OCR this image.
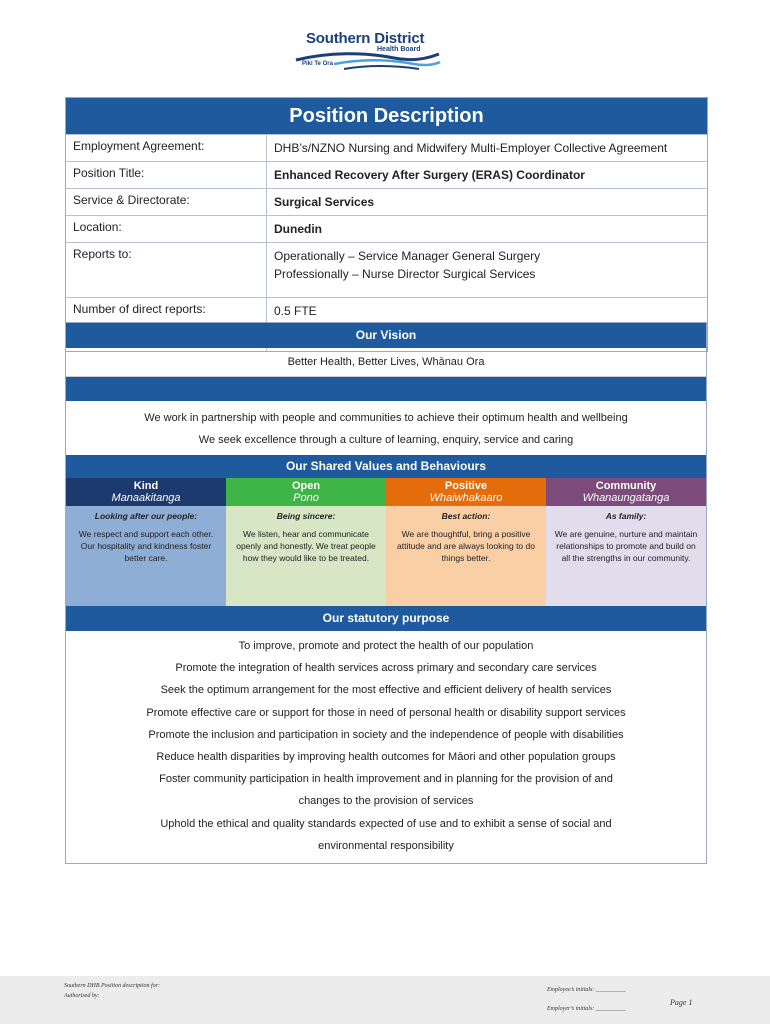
Southern District
Health Board
Piki Te Ora
Position Description
Employment Agreement:	DHB’s/NZNO Nursing and Midwifery Multi-Employer Collective Agreement
Position Title:	Enhanced Recovery After Surgery (ERAS) Coordinator
Service & Directorate:	Surgical Services
Location:	Dunedin
Reports to:	Operationally – Service Manager General Surgery
Professionally – Nurse Director Surgical Services
Number of direct reports:	0.5 FTE
Our Vision
Better Health, Better Lives, Whānau Ora
We work in partnership with people and communities to achieve their optimum health and wellbeing
We seek excellence through a culture of learning, enquiry, service and caring
Our Shared Values and Behaviours
Kind
Manaakitanga
Looking after our people:
We respect and support each other. Our hospitality and kindness foster better care.
Open
Pono
Being sincere:
We listen, hear and communicate openly and honestly. We treat people how they would like to be treated.
Positive
Whaiwhakaaro
Best action:
We are thoughtful, bring a positive attitude and are always looking to do things better.
Community
Whanaungatanga
As family:
We are genuine, nurture and maintain relationships to promote and build on all the strengths in our community.
Our statutory purpose
To improve, promote and protect the health of our population
Promote the integration of health services across primary and secondary care services
Seek the optimum arrangement for the most effective and efficient delivery of health services
Promote effective care or support for those in need of personal health or disability support services
Promote the inclusion and participation in society and the independence of people with disabilities
Reduce health disparities by improving health outcomes for Māori and other population groups
Foster community participation in health improvement and in planning for the provision of and
changes to the provision of services
Uphold the ethical and quality standards expected of use and to exhibit a sense of social and
environmental responsibility
Southern DHB Position description for:
Authorised by:
Employee’s initials: __________
Employer’s initials: __________
Page 1
